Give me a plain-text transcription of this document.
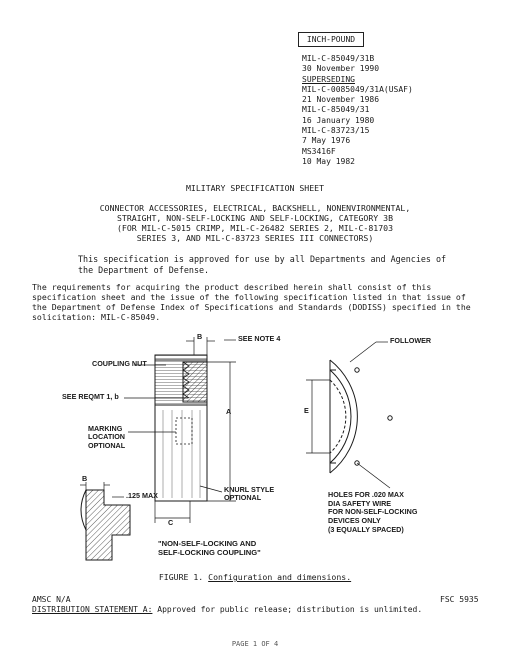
INCH-POUND
MIL-C-85049/31B
30 November 1990
SUPERSEDING
MIL-C-0085049/31A(USAF)
21 November 1986
MIL-C-85049/31
16 January 1980
MIL-C-83723/15
7 May 1976
MS3416F
10 May 1982
MILITARY SPECIFICATION SHEET
CONNECTOR ACCESSORIES, ELECTRICAL, BACKSHELL, NONENVIRONMENTAL,
STRAIGHT, NON-SELF-LOCKING AND SELF-LOCKING, CATEGORY 3B
(FOR MIL-C-5015 CRIMP, MIL-C-26482 SERIES 2, MIL-C-81703
SERIES 3, AND MIL-C-83723 SERIES III CONNECTORS)
This specification is approved for use by all Departments and Agencies of the Department of Defense.
The requirements for acquiring the product described herein shall consist of this specification sheet and the issue of the following specification listed in that issue of the Department of Defense Index of Specifications and Standards (DODISS) specified in the solicitation: MIL-C-85049.
COUPLING NUT
B	SEE NOTE 4
SEE REQMT 1, b
A
MARKING
LOCATION
OPTIONAL
B
.125 MAX
KNURL STYLE
OPTIONAL
C
"NON-SELF-LOCKING AND
SELF-LOCKING COUPLING"
FOLLOWER
E
HOLES FOR .020 MAX
DIA SAFETY WIRE
FOR NON-SELF-LOCKING
DEVICES ONLY
(3 EQUALLY SPACED)
FIGURE 1. Configuration and dimensions.
AMSC N/A
DISTRIBUTION STATEMENT A: Approved for public release; distribution is unlimited.
FSC 5935
PAGE 1 OF 4
